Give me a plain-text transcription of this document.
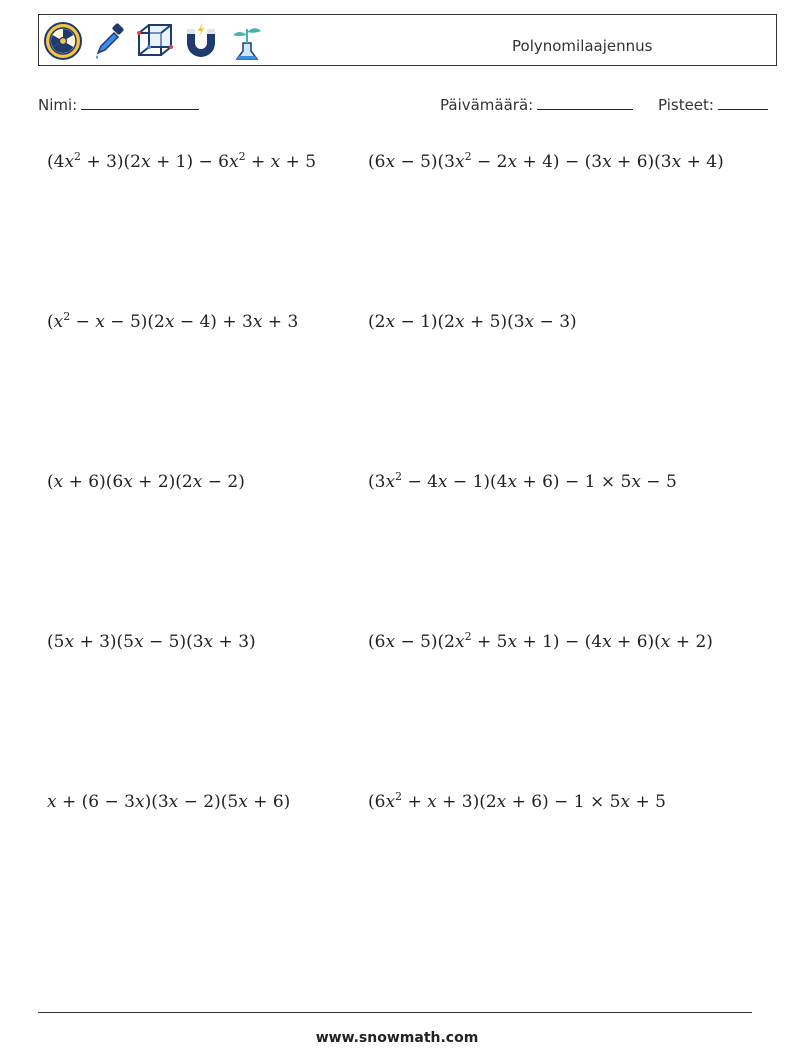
Polynomilaajennus
Nimi:	Päivämäärä:	Pisteet:
$(4x^2 + 3)(2x + 1) - 6x^2 + x + 5$	$(6x - 5)(3x^2 - 2x + 4) - (3x + 6)(3x + 4)$
$(x^2 - x - 5)(2x - 4) + 3x + 3$	(2x − 1)(2x + 5)(3x − 3)
(x + 6)(6x + 2)(2x − 2)	$(3x^2 - 4x - 1)(4x + 6) - 1 \times 5x - 5$
(5x + 3)(5x − 5)(3x + 3)	$(6x - 5)(2x^2 + 5x + 1) - (4x + 6)(x + 2)$
x + (6 − 3x)(3x − 2)(5x + 6)	$(6x^2 + x + 3)(2x + 6) - 1 \times 5x + 5$
www.snowmath.com
